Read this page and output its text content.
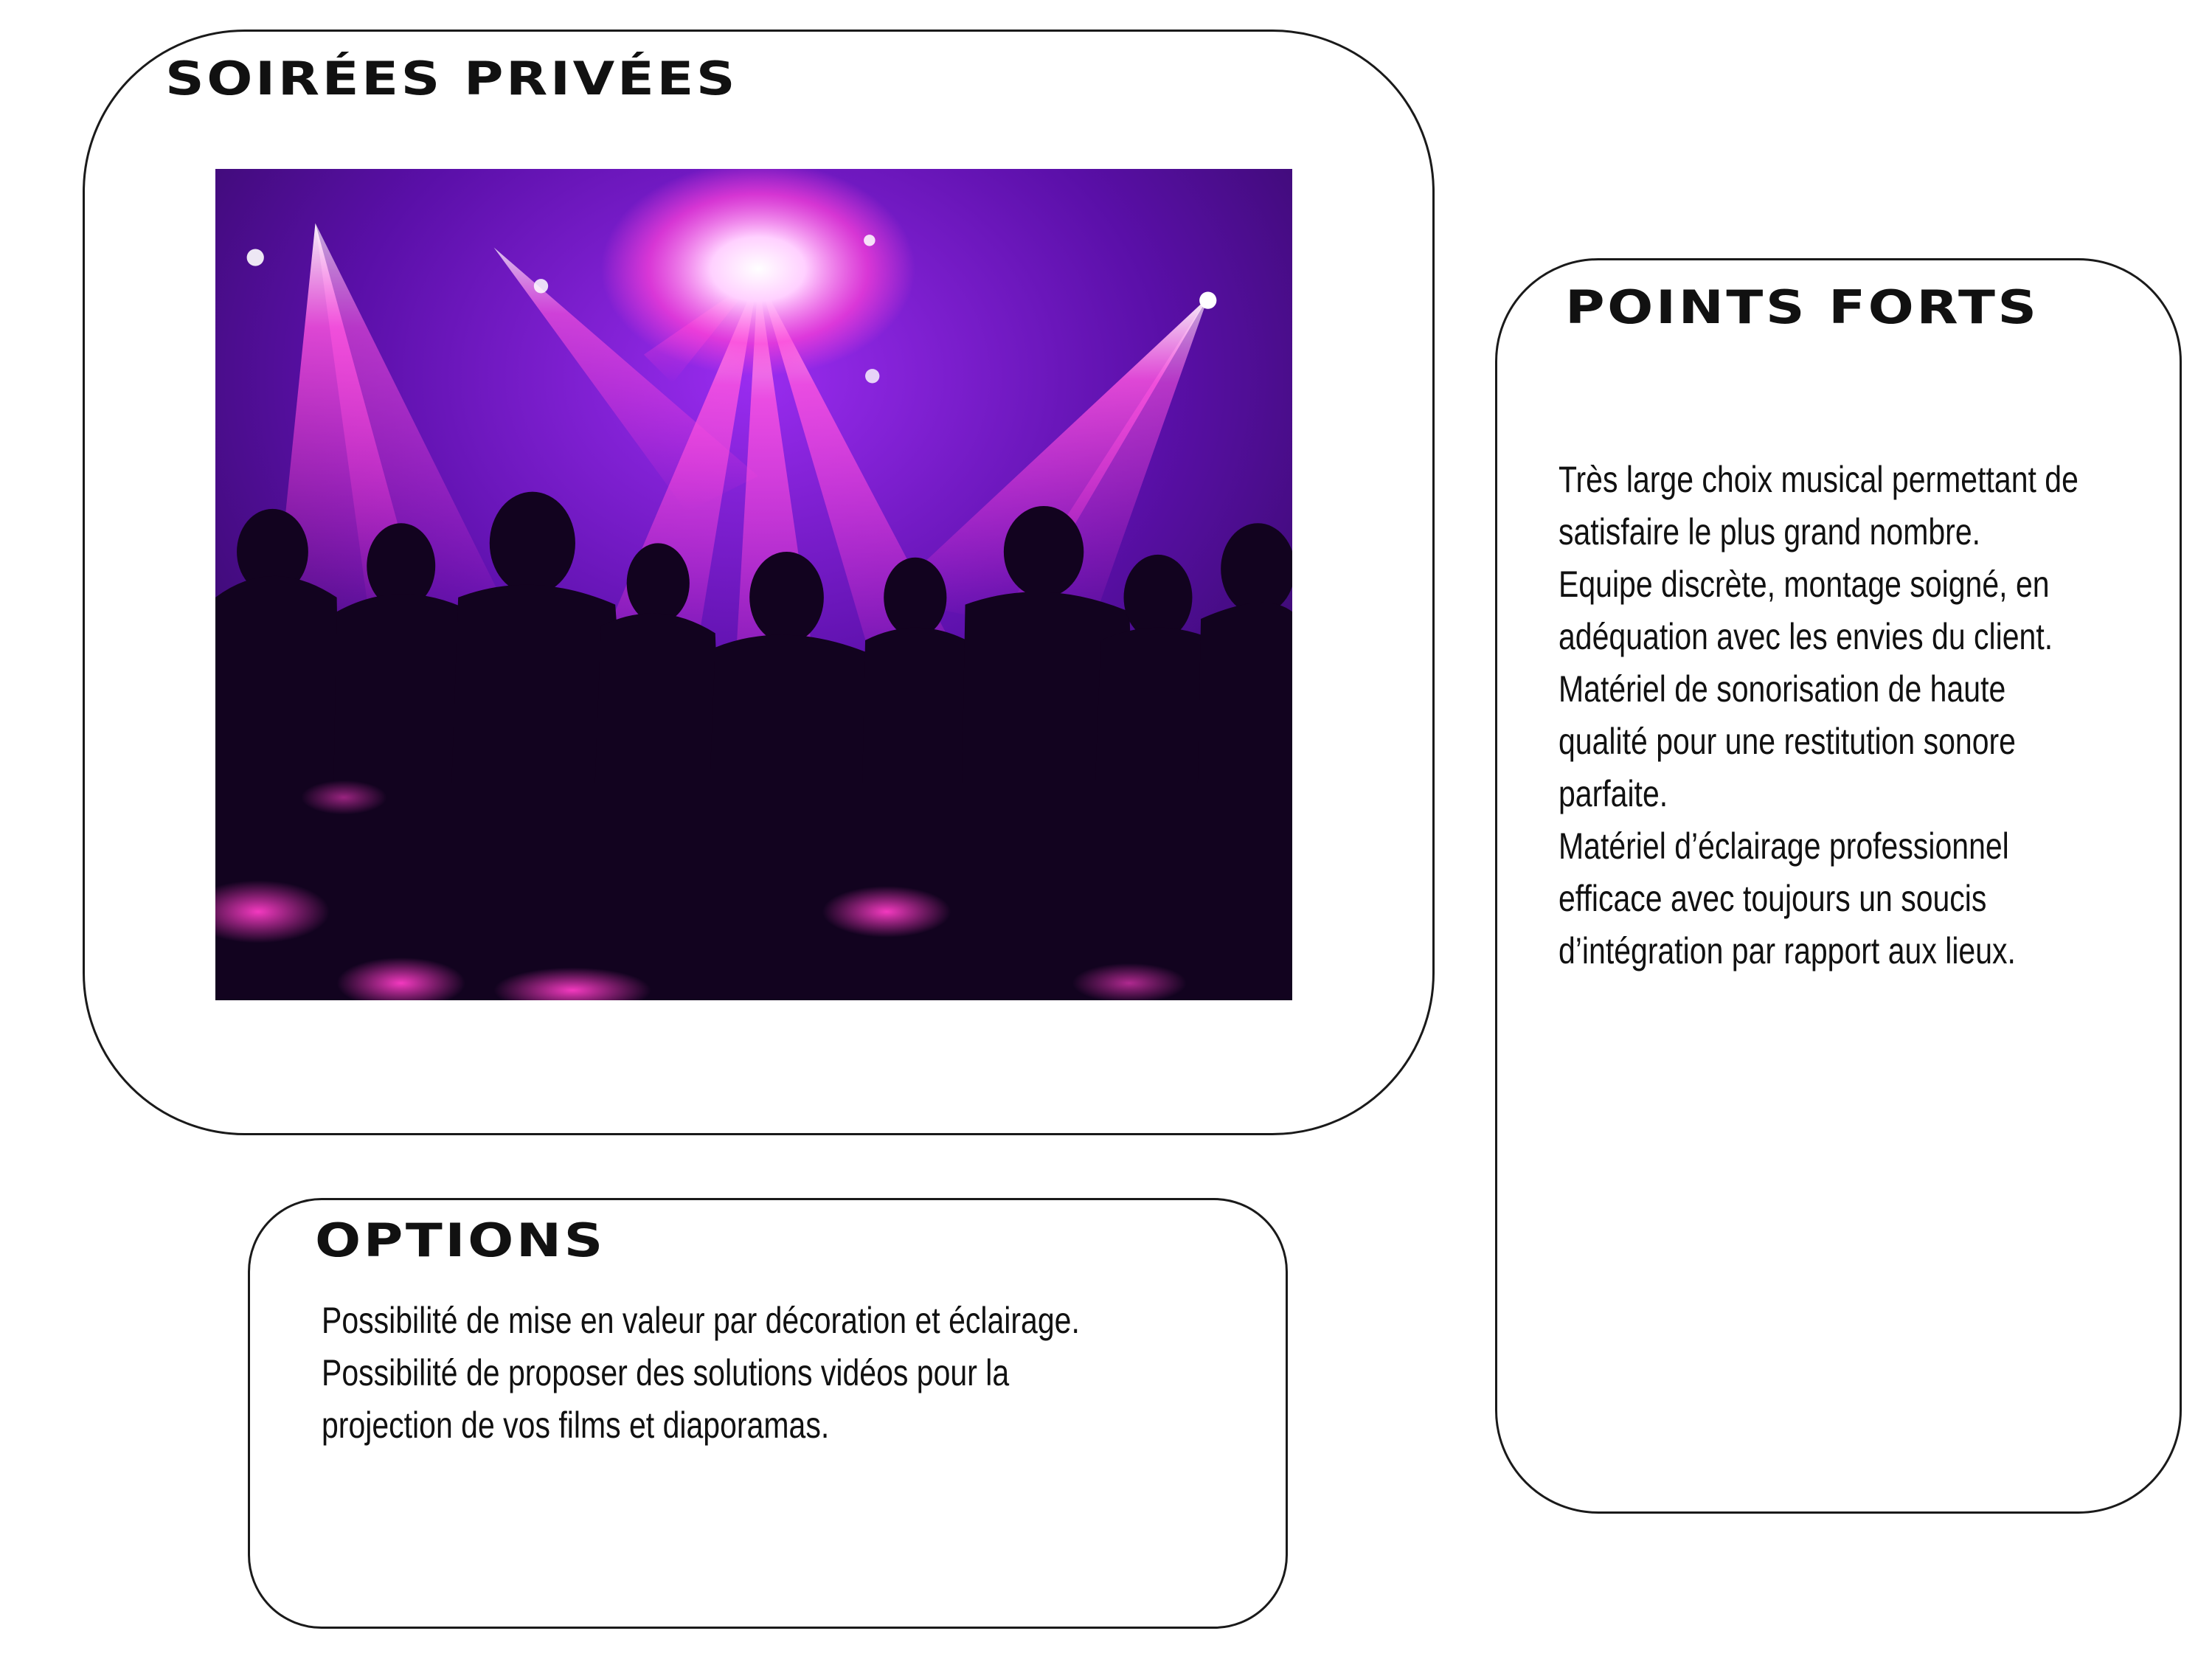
SOIRÉES PRIVÉES
POINTS FORTS
OPTIONS
Très large choix musical permettant de
satisfaire le plus grand nombre.
Equipe discrète, montage soigné, en
adéquation avec les envies du client.
Matériel de sonorisation de haute
qualité pour une restitution sonore
parfaite.
Matériel d’éclairage professionnel
efficace avec toujours un soucis
d’intégration par rapport aux lieux.
Possibilité de mise en valeur par décoration et éclairage.
Possibilité de proposer des solutions vidéos pour la
projection de vos films et diaporamas.
